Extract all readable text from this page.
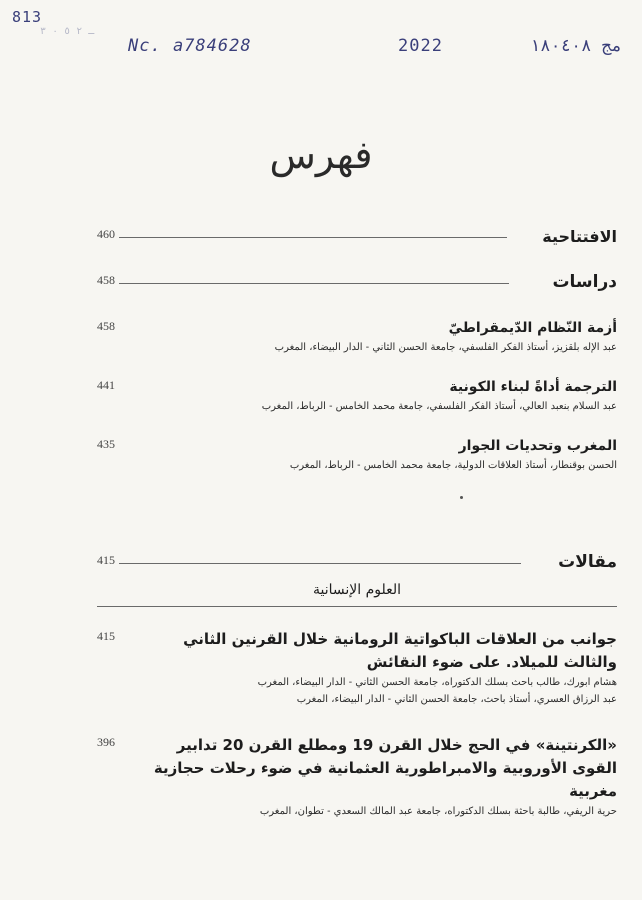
813
ـ ٢ ٥ ٠ ٣
Nc. a784628	2022	مج ١٨٠٤٠٨
فهرس
460	الافتتاحية
458	دراسات
458	أزمة النّظام الدّيمقراطيّ
عبد الإله بلقزيز، أستاذ الفكر الفلسفي، جامعة الحسن الثاني - الدار البيضاء، المغرب
441	الترجمة أداةً لبناء الكونية
عبد السلام بنعبد العالي، أستاذ الفكر الفلسفي، جامعة محمد الخامس - الرباط، المغرب
435	المغرب وتحديات الجوار
الحسن بوقنطار، أستاذ العلاقات الدولية، جامعة محمد الخامس - الرباط، المغرب
415	مقالات
العلوم الإنسانية
415	جوانب من العلاقات الباكواتية الرومانية خلال القرنين الثاني والثالث للميلاد. على ضوء النقائش
هشام ابورك، طالب باحث بسلك الدكتوراه، جامعة الحسن الثاني - الدار البيضاء، المغرب
عبد الرزاق العسري، أستاذ باحث، جامعة الحسن الثاني - الدار البيضاء، المغرب
396	«الكرنتينة» في الحج خلال القرن 19 ومطلع القرن 20 تدابير القوى الأوروبية والامبراطورية العثمانية في ضوء رحلات حجازية مغربية
حرية الريفي، طالبة باحثة بسلك الدكتوراه، جامعة عبد المالك السعدي - تطوان، المغرب
